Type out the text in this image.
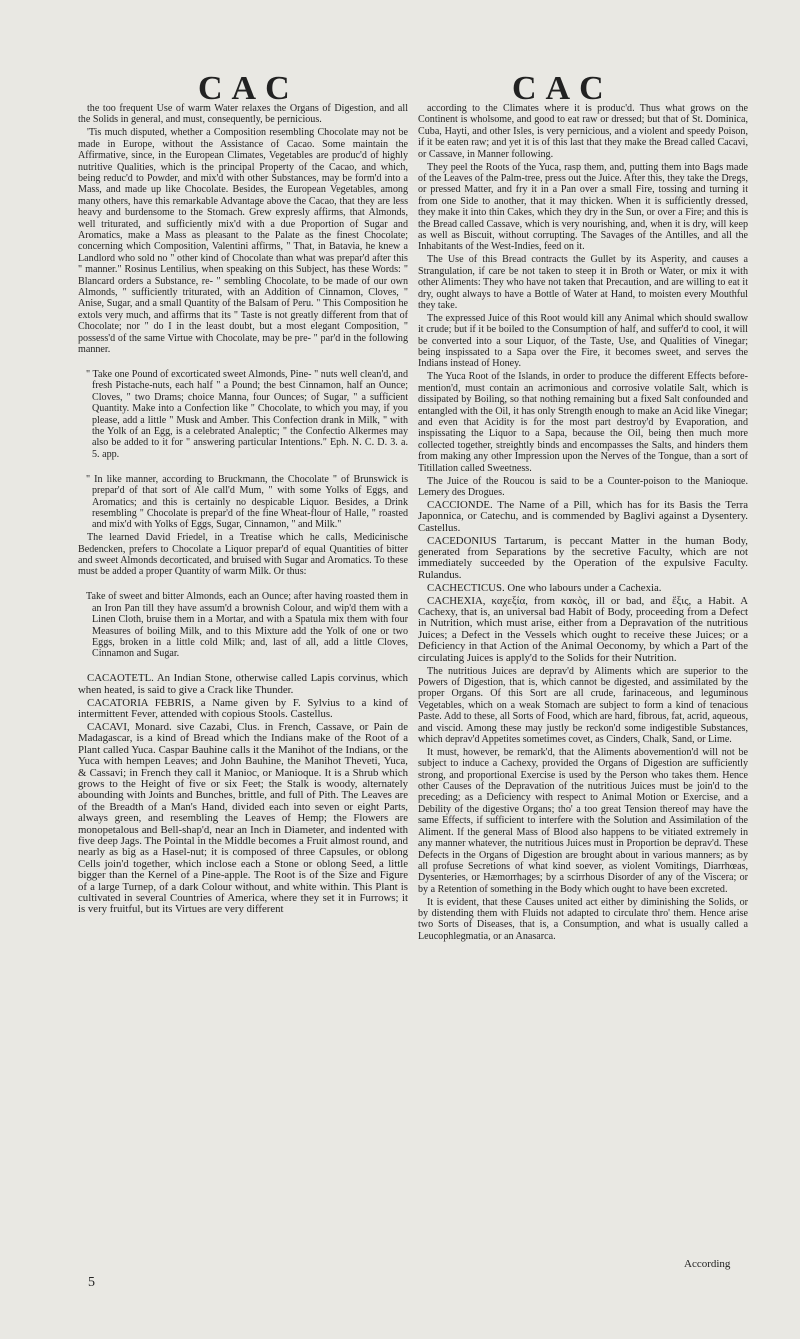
CAC	CAC

the too frequent Use of warm Water relaxes the Organs of Digestion, and all the Solids in general, and must, consequently, be pernicious.

'Tis much disputed, whether a Composition resembling Chocolate may not be made in Europe, without the Assistance of Cacao. Some maintain the Affirmative, since, in the European Climates, Vegetables are produc'd of highly nutritive Qualities, which is the principal Property of the Cacao, and which, being reduc'd to Powder, and mix'd with other Substances, may be form'd into a Mass, and made up like Chocolate. Besides, the European Vegetables, among many others, have this remarkable Advantage above the Cacao, that they are less heavy and burdensome to the Stomach. Grew expresly affirms, that Almonds, well triturated, and sufficiently mix'd with a due Proportion of Sugar and Aromatics, make a Mass as pleasant to the Palate as the finest Chocolate; concerning which Composition, Valentini affirms, " That, in Batavia, he knew a Landlord who sold no " other kind of Chocolate than what was prepar'd after this " manner." Rosinus Lentilius, when speaking on this Subject, has these Words: " Blancard orders a Substance, re- " sembling Chocolate, to be made of our own Almonds, " sufficiently triturated, with an Addition of Cinnamon, Cloves, " Anise, Sugar, and a small Quantity of the Balsam of Peru. " This Composition he extols very much, and affirms that its " Taste is not greatly different from that of Chocolate; nor " do I in the least doubt, but a most elegant Composition, " possess'd of the same Virtue with Chocolate, may be pre- " par'd in the following manner.

" Take one Pound of excorticated sweet Almonds, Pine- " nuts well clean'd, and fresh Pistache-nuts, each half " a Pound; the best Cinnamon, half an Ounce; Cloves, " two Drams; choice Manna, four Ounces; of Sugar, " a sufficient Quantity. Make into a Confection like " Chocolate, to which you may, if you please, add a little " Musk and Amber. This Confection drank in Milk, " with the Yolk of an Egg, is a celebrated Analeptic; " the Confectio Alkermes may also be added to it for " answering particular Intentions." Eph. N. C. D. 3. a. 5. app.

" In like manner, according to Bruckmann, the Chocolate " of Brunswick is prepar'd of that sort of Ale call'd Mum, " with some Yolks of Eggs, and Aromatics; and this is certainly no despicable Liquor. Besides, a Drink resembling " Chocolate is prepar'd of the fine Wheat-flour of Halle, " roasted and mix'd with Yolks of Eggs, Sugar, Cinnamon, " and Milk."

The learned David Friedel, in a Treatise which he calls, Medicinische Bedencken, prefers to Chocolate a Liquor prepar'd of equal Quantities of bitter and sweet Almonds decorticated, and bruised with Sugar and Aromatics. To these must be added a proper Quantity of warm Milk. Or thus:

Take of sweet and bitter Almonds, each an Ounce; after having roasted them in an Iron Pan till they have assum'd a brownish Colour, and wip'd them with a Linen Cloth, bruise them in a Mortar, and with a Spatula mix them with four Measures of boiling Milk, and to this Mixture add the Yolk of one or two Eggs, broken in a little cold Milk; and, last of all, add a little Cloves, Cinnamon and Sugar.

CACAOTETL. An Indian Stone, otherwise called Lapis corvinus, which when heated, is said to give a Crack like Thunder.

CACATORIA FEBRIS, a Name given by F. Sylvius to a kind of intermittent Fever, attended with copious Stools. Castellus.

CACAVI, Monard. sive Cazabi, Clus. in French, Cassave, or Pain de Madagascar, is a kind of Bread which the Indians make of the Root of a Plant called Yuca. Caspar Bauhine calls it the Manihot of the Indians, or the Yuca with hempen Leaves; and John Bauhine, the Manihot Theveti, Yuca, & Cassavi; in French they call it Manioc, or Manioque. It is a Shrub which grows to the Height of five or six Feet; the Stalk is woody, alternately abounding with Joints and Bunches, brittle, and full of Pith. The Leaves are of the Breadth of a Man's Hand, divided each into seven or eight Parts, always green, and resembling the Leaves of Hemp; the Flowers are monopetalous and Bell-shap'd, near an Inch in Diameter, and indented with five deep Jags. The Pointal in the Middle becomes a Fruit almost round, and nearly as big as a Hasel-nut; it is composed of three Capsules, or oblong Cells join'd together, which inclose each a Stone or oblong Seed, a little bigger than the Kernel of a Pine-apple. The Root is of the Size and Figure of a large Turnep, of a dark Colour without, and white within. This Plant is cultivated in several Countries of America, where they set it in Furrows; it is very fruitful, but its Virtues are very different

according to the Climates where it is produc'd. Thus what grows on the Continent is wholsome, and good to eat raw or dressed; but that of St. Dominica, Cuba, Hayti, and other Isles, is very pernicious, and a violent and speedy Poison, if it be eaten raw; and yet it is of this last that they make the Bread called Cacavi, or Cassave, in Manner following.

They peel the Roots of the Yuca, rasp them, and, putting them into Bags made of the Leaves of the Palm-tree, press out the Juice. After this, they take the Dregs, or pressed Matter, and fry it in a Pan over a small Fire, tossing and turning it from one Side to another, that it may thicken. When it is sufficiently dressed, they make it into thin Cakes, which they dry in the Sun, or over a Fire; and this is the Bread called Cassave, which is very nourishing, and, when it is dry, will keep as well as Biscuit, without corrupting. The Savages of the Antilles, and all the Inhabitants of the West-Indies, feed on it.

The Use of this Bread contracts the Gullet by its Asperity, and causes a Strangulation, if care be not taken to steep it in Broth or Water, or mix it with other Aliments: They who have not taken that Precaution, and are willing to eat it dry, ought always to have a Bottle of Water at Hand, to moisten every Mouthful they take.

The expressed Juice of this Root would kill any Animal which should swallow it crude; but if it be boiled to the Consumption of half, and suffer'd to cool, it will be converted into a sour Liquor, of the Taste, Use, and Qualities of Vinegar; being inspissated to a Sapa over the Fire, it becomes sweet, and serves the Indians instead of Honey.

The Yuca Root of the Islands, in order to produce the different Effects before-mention'd, must contain an acrimonious and corrosive volatile Salt, which is dissipated by Boiling, so that nothing remaining but a fixed Salt confounded and entangled with the Oil, it has only Strength enough to make an Acid like Vinegar; and even that Acidity is for the most part destroy'd by Evaporation, and inspissating the Liquor to a Sapa, because the Oil, being then much more collected together, streightly binds and encompasses the Salts, and hinders them from making any other Impression upon the Nerves of the Tongue, than a sort of Titillation called Sweetness.

The Juice of the Roucou is said to be a Counter-poison to the Manioque. Lemery des Drogues.

CACCIONDE. The Name of a Pill, which has for its Basis the Terra Japonnica, or Catechu, and is commended by Baglivi against a Dysentery. Castellus.

CACEDONIUS Tartarum, is peccant Matter in the human Body, generated from Separations by the secretive Faculty, which are not immediately succeeded by the Operation of the expulsive Faculty. Rulandus.

CACHECTICUS. One who labours under a Cachexia.

CACHEXIA, καχεξία, from κακὸς, ill or bad, and ἕξις, a Habit. A Cachexy, that is, an universal bad Habit of Body, proceeding from a Defect in Nutrition, which must arise, either from a Depravation of the nutritious Juices; a Defect in the Vessels which ought to receive these Juices; or a Deficiency in that Action of the Animal Oeconomy, by which a Part of the circulating Juices is apply'd to the Solids for their Nutrition.

The nutritious Juices are deprav'd by Aliments which are superior to the Powers of Digestion, that is, which cannot be digested, and assimilated by the proper Organs. Of this Sort are all crude, farinaceous, and leguminous Vegetables, which on a weak Stomach are subject to form a kind of tenacious Paste. Add to these, all Sorts of Food, which are hard, fibrous, fat, acrid, aqueous, and viscid. Among these may justly be reckon'd some indigestible Substances, which deprav'd Appetites sometimes covet, as Cinders, Chalk, Sand, or Lime.

It must, however, be remark'd, that the Aliments abovemention'd will not be subject to induce a Cachexy, provided the Organs of Digestion are sufficiently strong, and proportional Exercise is used by the Person who takes them. Hence other Causes of the Depravation of the nutritious Juices must be join'd to the preceding; as a Deficiency with respect to Animal Motion or Exercise, and a Debility of the digestive Organs; tho' a too great Tension thereof may have the same Effects, if sufficient to interfere with the Solution and Assimilation of the Aliment. If the general Mass of Blood also happens to be vitiated extremely in any manner whatever, the nutritious Juices must in Proportion be deprav'd. These Defects in the Organs of Digestion are brought about in various manners; as by all profuse Secretions of what kind soever, as violent Vomitings, Diarrhœas, Dysenteries, or Hæmorrhages; by a scirrhous Disorder of any of the Viscera; or by a Retention of something in the Body which ought to have been excreted.

It is evident, that these Causes united act either by diminishing the Solids, or by distending them with Fluids not adapted to circulate thro' them. Hence arise two Sorts of Diseases, that is, a Consumption, and what is usually called a Leucophlegmatia, or an Anasarca.

5
According
